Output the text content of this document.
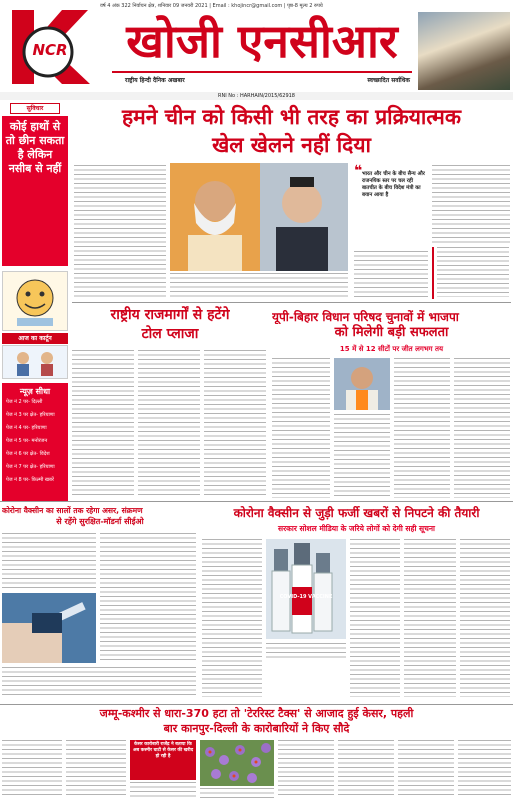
वर्ष 4 अंक 322 निर्वाचन क्षेत्र, शनिवार 09 जनवरी 2021 | Email : khojincr@gmail.com | पृष्ठ-8 मूल्य 2 रुपये
NCR	खोजी एनसीआर
राष्ट्रीय हिन्दी दैनिक अखबार	स्वच्छादित सर्वाधिक
RNI No : HARHAIN/2015/62918
सुविचार
कोई हाथों से तो छीन सकता है लेकिन नसीब से नहीं
आज का कार्टून
न्यूज़ सीधा
पेज नं 2 पर- दिल्ली
पेज नं 3 पर क्षेत- हरियाणा
पेज नं 4 पर- हरियाणा
पेज नं 5 पर- मनोरंजन
पेज नं 6 पर क्षेत- विदेश
पेज नं 7 पर क्षेत- हरियाणा
पेज नं 8 पर- फ़िल्मी खबरें
हमने चीन को किसी भी तरह का प्रक्रियात्मक
खेल खेलने नहीं दिया
❝ भारत और चीन के बीच सैन्य और राजनयिक स्तर पर चल रही बातचीत के बीच विदेश मंत्री का बयान आया है
राष्ट्रीय राजमार्गों से हटेंगे
टोल प्लाजा
यूपी-बिहार विधान परिषद चुनावों में भाजपा
को मिलेगी बड़ी सफलता
15 में से 12 सीटों पर जीत लगभग तय
कोरोना वैक्सीन का सालों तक रहेगा असर, संक्रमण
से रहेंगे सुरक्षित-मॉडर्ना सीईओ
कोरोना वैक्सीन से जुड़ी फर्जी खबरों से निपटने की तैयारी
सरकार सोशल मीडिया के जरिये लोगों को देगी सही सूचना
COVID-19 VACCINE
जम्मू-कश्मीर से धारा-370 हटा तो 'टेररिस्ट टैक्स' से आजाद हुई केसर, पहली
बार कानपुर-दिल्ली के कारोबारियों ने किए सौदे
केसर कारोबारी राजेंद्र ने बताया कि अब कश्मीर घाटी से केसर की खरीद हो रही है
